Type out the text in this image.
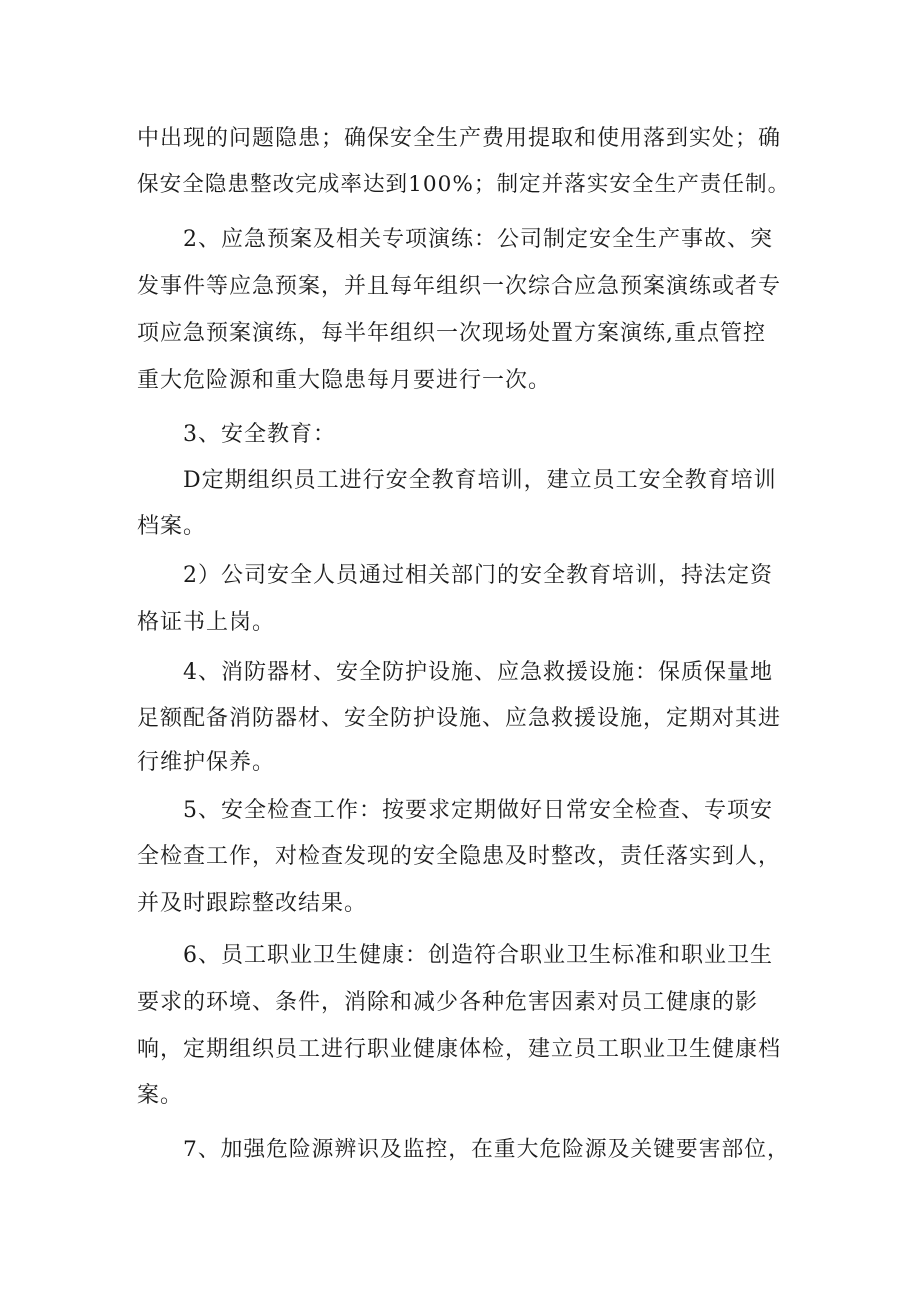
中出现的问题隐患；确保安全生产费用提取和使用落到实处；确
保安全隐患整改完成率达到100%；制定并落实安全生产责任制。
2、应急预案及相关专项演练：公司制定安全生产事故、突
发事件等应急预案，并且每年组织一次综合应急预案演练或者专
项应急预案演练，每半年组织一次现场处置方案演练,重点管控
重大危险源和重大隐患每月要进行一次。
3、安全教育：
D定期组织员工进行安全教育培训，建立员工安全教育培训
档案。
2）公司安全人员通过相关部门的安全教育培训，持法定资
格证书上岗。
4、消防器材、安全防护设施、应急救援设施：保质保量地
足额配备消防器材、安全防护设施、应急救援设施，定期对其进
行维护保养。
5、安全检查工作：按要求定期做好日常安全检查、专项安
全检查工作，对检查发现的安全隐患及时整改，责任落实到人，
并及时跟踪整改结果。
6、员工职业卫生健康：创造符合职业卫生标准和职业卫生
要求的环境、条件，消除和减少各种危害因素对员工健康的影
响，定期组织员工进行职业健康体检，建立员工职业卫生健康档
案。
7、加强危险源辨识及监控，在重大危险源及关键要害部位，
